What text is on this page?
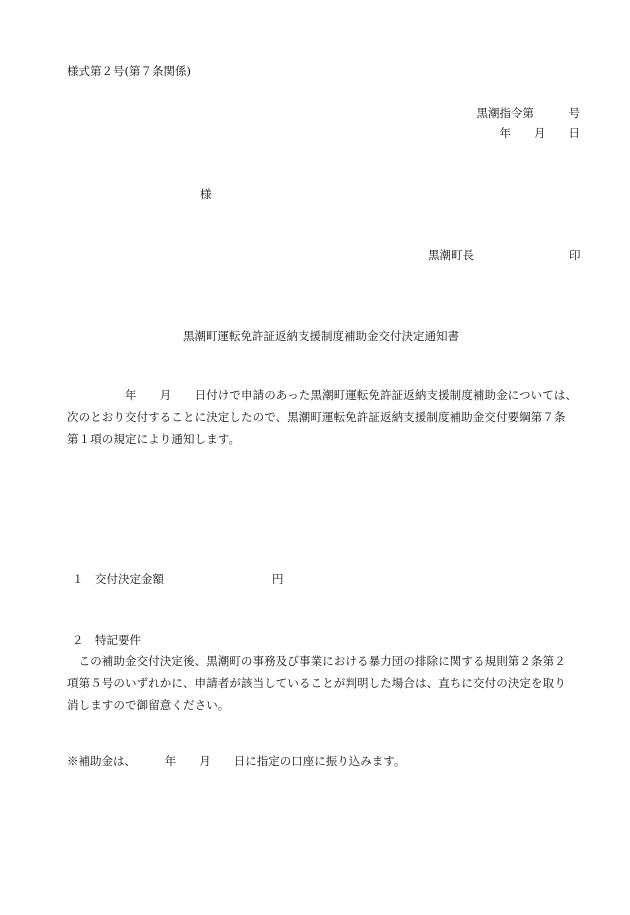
様式第２号(第７条関係)
黒潮指令第　　　号
年　　月　　日
様
黒潮町長	印
黒潮町運転免許証返納支援制度補助金交付決定通知書
　　　　　年　　月　　日付けで申請のあった黒潮町運転免許証返納支援制度補助金については、
次のとおり交付することに決定したので、黒潮町運転免許証返納支援制度補助金交付要綱第７条
第１項の規定により通知します。
１　交付決定金額	円
２　特記要件
　この補助金交付決定後、黒潮町の事務及び事業における暴力団の排除に関する規則第２条第２
項第５号のいずれかに、申請者が該当していることが判明した場合は、直ちに交付の決定を取り
消しますので御留意ください。
※補助金は、　　　年　　月　　日に指定の口座に振り込みます。
